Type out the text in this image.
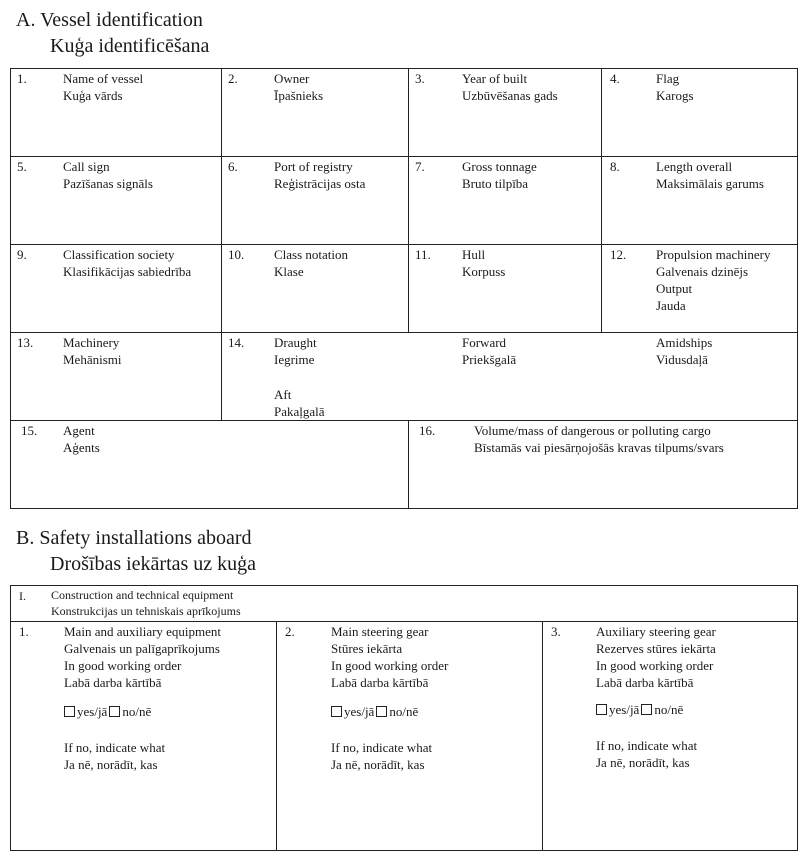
A. Vessel identification
Kuģa identificēšana
1.	Name of vessel
Kuģa vārds
2.	Owner
Īpašnieks
3.	Year of built
Uzbūvēšanas gads
4.	Flag
Karogs
5.	Call sign
Pazīšanas signāls
6.	Port of registry
Reģistrācijas osta
7.	Gross tonnage
Bruto tilpība
8.	Length overall
Maksimālais garums
9.	Classification society
Klasifikācijas sabiedrība
10. Class notation
Klase
11. Hull
Korpuss
12. Propulsion machinery
Galvenais dzinējs
Output
Jauda
13. Machinery
Mehānismi
14. Draught
Iegrime
Forward
Priekšgalā
Amidships
Vidusdaļā
Aft
Pakaļgalā
15. Agent
Aģents
16.	Volume/mass of dangerous or polluting cargo
Bīstamās vai piesārņojošās kravas tilpums/svars
B. Safety installations aboard
Drošības iekārtas uz kuģa
I. Construction and technical equipment
Konstrukcijas un tehniskais aprīkojums
1.	Main and auxiliary equipment
Galvenais un palīgaprīkojums
In good working order
Labā darba kārtībā
yes/jā no/nē
If no, indicate what
Ja nē, norādīt, kas
2.	Main steering gear
Stūres iekārta
In good working order
Labā darba kārtībā
yes/jā no/nē
If no, indicate what
Ja nē, norādīt, kas
3.	Auxiliary steering gear
Rezerves stūres iekārta
In good working order
Labā darba kārtībā
yes/jā no/nē
If no, indicate what
Ja nē, norādīt, kas
